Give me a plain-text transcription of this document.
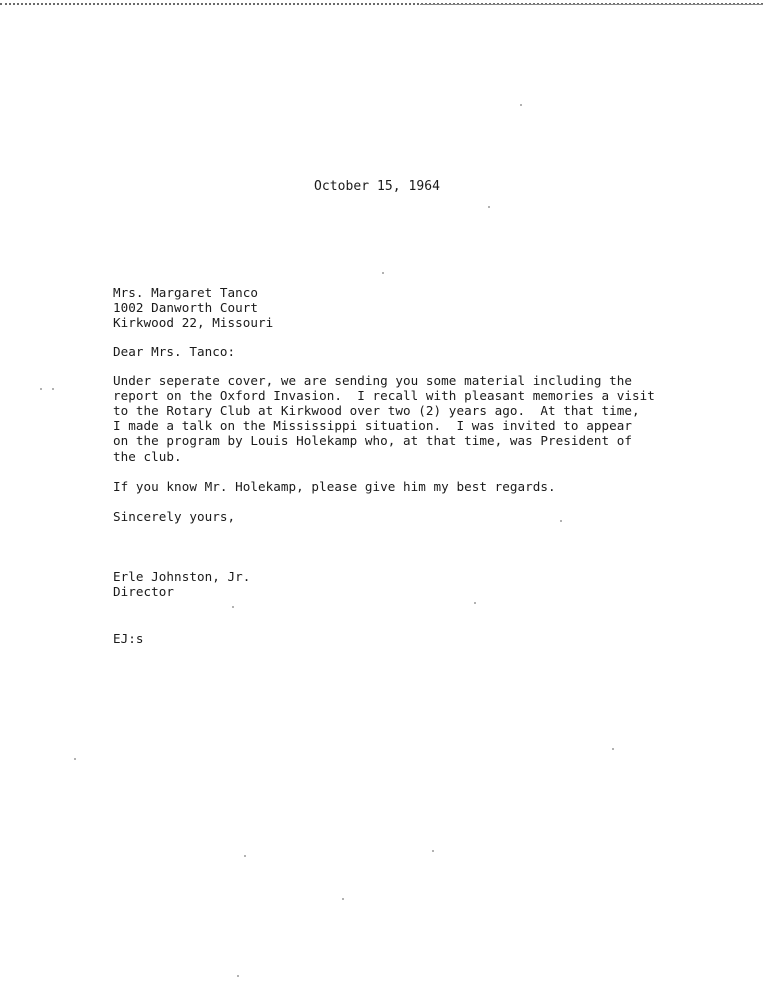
October 15, 1964
Mrs. Margaret Tanco
1002 Danworth Court
Kirkwood 22, Missouri
Dear Mrs. Tanco:
Under seperate cover, we are sending you some material including the
report on the Oxford Invasion.  I recall with pleasant memories a visit
to the Rotary Club at Kirkwood over two (2) years ago.  At that time,
I made a talk on the Mississippi situation.  I was invited to appear
on the program by Louis Holekamp who, at that time, was President of
the club.
If you know Mr. Holekamp, please give him my best regards.
Sincerely yours,
Erle Johnston, Jr.
Director
EJ:s
